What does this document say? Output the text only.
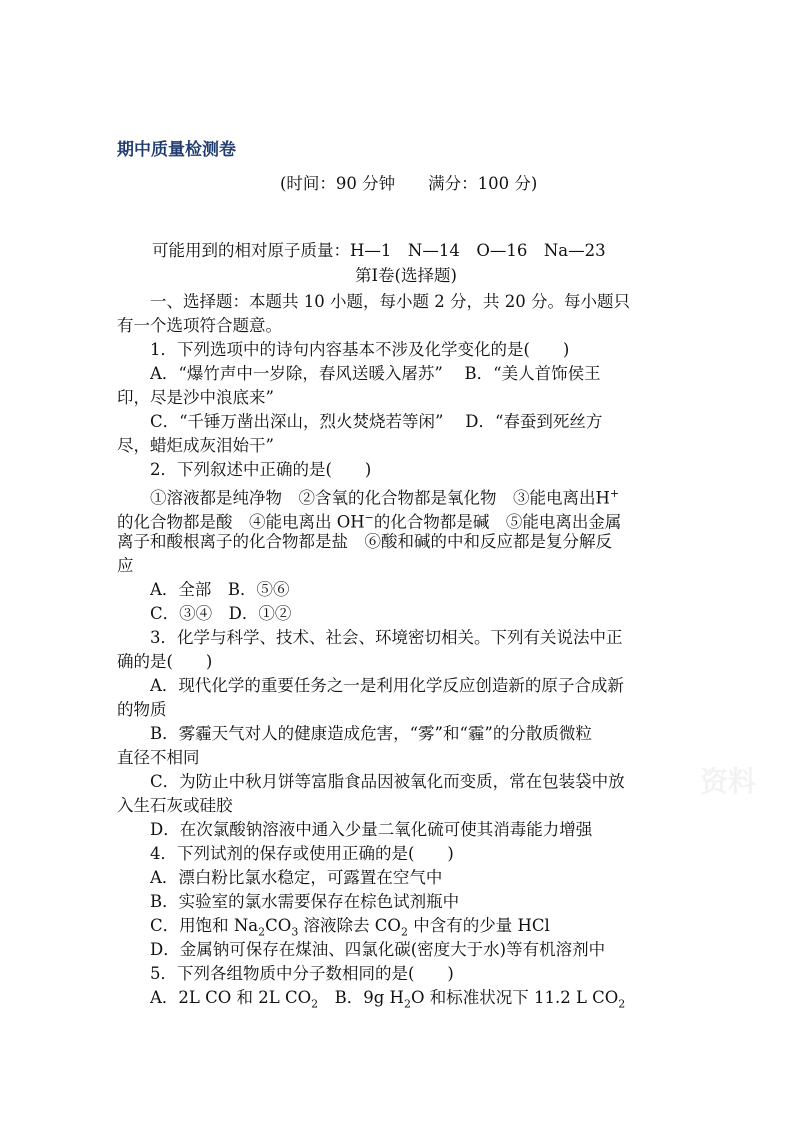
期中质量检测卷
(时间：90 分钟　　满分：100 分)
可能用到的相对原子质量：H—1　N—14　O—16　Na—23
第Ⅰ卷(选择题)
一、选择题：本题共 10 小题，每小题 2 分，共 20 分。每小题只
有一个选项符合题意。
1．下列选项中的诗句内容基本不涉及化学变化的是(　　)
A．“爆竹声中一岁除，春风送暖入屠苏”　 B．“美人首饰侯王
印，尽是沙中浪底来”
C．“千锤万凿出深山，烈火焚烧若等闲”　 D．“春蚕到死丝方
尽，蜡炬成灰泪始干”
2．下列叙述中正确的是(　　)
①溶液都是纯净物　②含氧的化合物都是氧化物　③能电离出H+
的化合物都是酸　④能电离出 OH−的化合物都是碱　⑤能电离出金属
离子和酸根离子的化合物都是盐　⑥酸和碱的中和反应都是复分解反
应
A．全部　B．⑤⑥
C．③④　D．①②
3．化学与科学、技术、社会、环境密切相关。下列有关说法中正
确的是(　　)
A．现代化学的重要任务之一是利用化学反应创造新的原子合成新
的物质
B．雾霾天气对人的健康造成危害，“雾”和“霾”的分散质微粒
直径不相同
C．为防止中秋月饼等富脂食品因被氧化而变质，常在包装袋中放
入生石灰或硅胶
D．在次氯酸钠溶液中通入少量二氧化硫可使其消毒能力增强
4．下列试剂的保存或使用正确的是(　　)
A．漂白粉比氯水稳定，可露置在空气中
B．实验室的氯水需要保存在棕色试剂瓶中
C．用饱和 $Na_2CO_3$ 溶液除去 $CO_2$ 中含有的少量 HCl
D．金属钠可保存在煤油、四氯化碳(密度大于水)等有机溶剂中
5．下列各组物质中分子数相同的是(　　)
A．2L CO 和 2L $CO_2$　B．9g $H_2O$ 和标准状况下 11.2 L $CO_2$
资料
